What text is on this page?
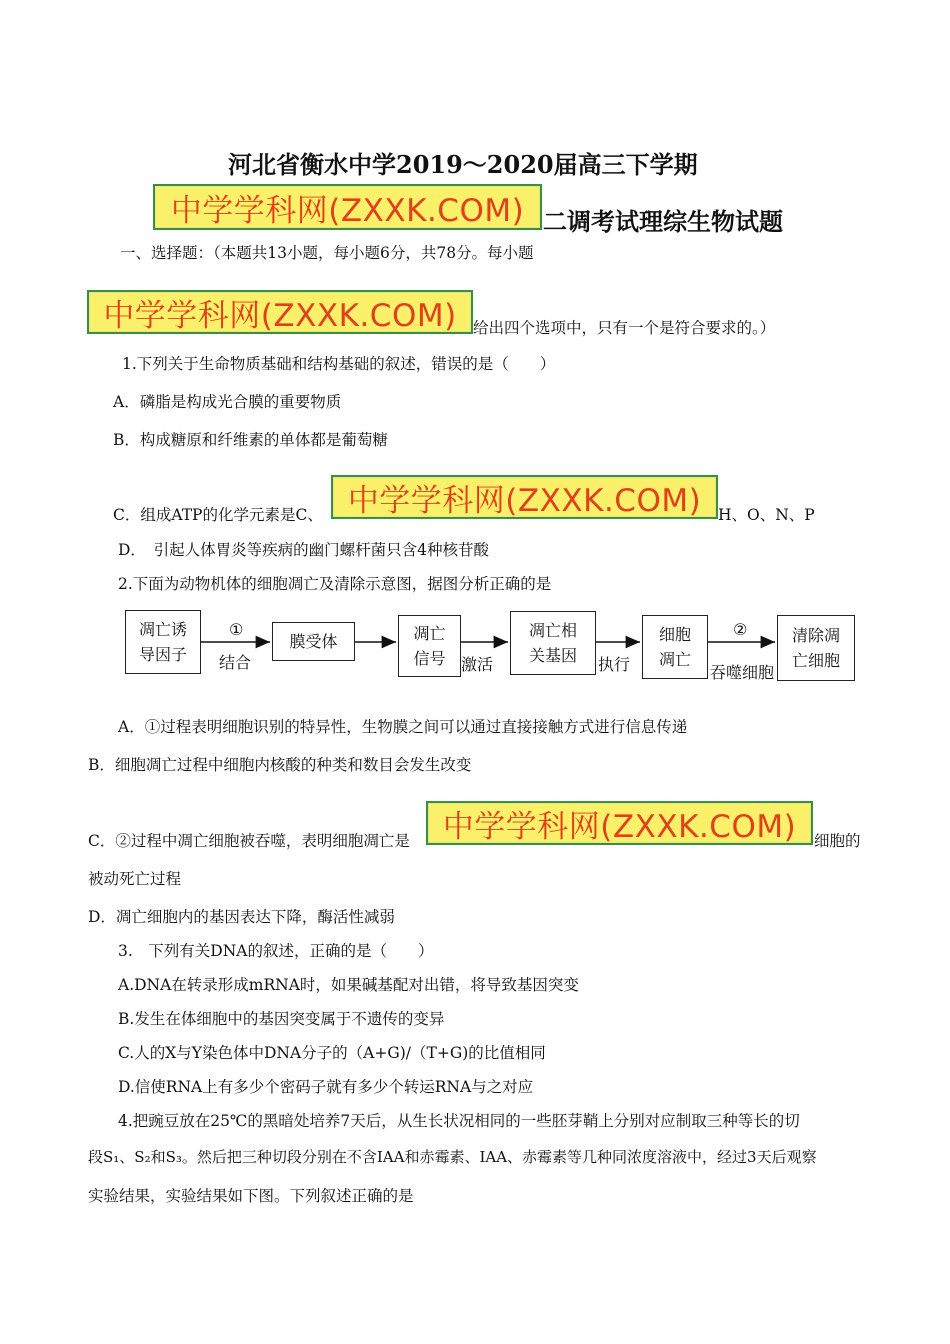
河北省衡水中学2019～2020届高三下学期
中学学科网(ZXXK.COM) 二调考试理综生物试题
一、选择题：（本题共13小题，每小题6分，共78分。每小题
中学学科网(ZXXK.COM) 给出四个选项中，只有一个是符合要求的。）
1.下列关于生命物质基础和结构基础的叙述，错误的是（　　）
A．磷脂是构成光合膜的重要物质
B．构成糖原和纤维素的单体都是葡萄糖
C．组成ATP的化学元素是C、 中学学科网(ZXXK.COM) H、O、N、P
D．　引起人体胃炎等疾病的幽门螺杆菌只含4种核苷酸
2.下面为动物机体的细胞凋亡及清除示意图，据图分析正确的是
凋亡诱
导因子
①
结合
膜受体	凋亡
信号 激活
凋亡相
关基因 执行
细胞
凋亡
②
吞噬细胞
清除凋
亡细胞
A．①过程表明细胞识别的特异性，生物膜之间可以通过直接接触方式进行信息传递
B．细胞凋亡过程中细胞内核酸的种类和数目会发生改变
C．②过程中凋亡细胞被吞噬，表明细胞凋亡是 中学学科网(ZXXK.COM) 细胞的
被动死亡过程
D．凋亡细胞内的基因表达下降，酶活性减弱
3.　下列有关DNA的叙述，正确的是（　　）
A.DNA在转录形成mRNA时，如果碱基配对出错，将导致基因突变
B.发生在体细胞中的基因突变属于不遗传的变异
C.人的X与Y染色体中DNA分子的（A+G)/（T+G)的比值相同
D.信使RNA上有多少个密码子就有多少个转运RNA与之对应
4.把豌豆放在25℃的黑暗处培养7天后，从生长状况相同的一些胚芽鞘上分别对应制取三种等长的切
段S₁、S₂和S₃。然后把三种切段分别在不含IAA和赤霉素、IAA、赤霉素等几种同浓度溶液中，经过3天后观察
实验结果，实验结果如下图。下列叙述正确的是
